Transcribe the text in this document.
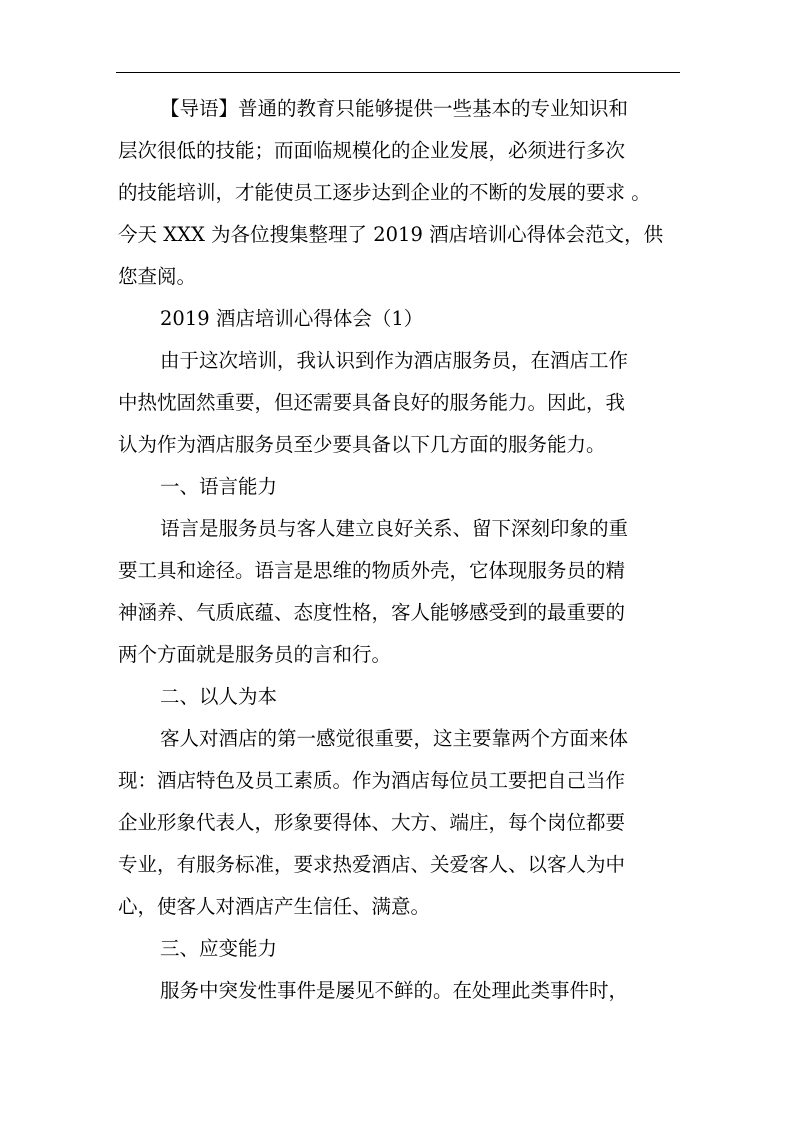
【导语】普通的教育只能够提供一些基本的专业知识和
层次很低的技能；而面临规模化的企业发展，必须进行多次
的技能培训，才能使员工逐步达到企业的不断的发展的要求 。
今天 XXX 为各位搜集整理了 2019 酒店培训心得体会范文，供
您查阅。
2019 酒店培训心得体会（1）
由于这次培训，我认识到作为酒店服务员，在酒店工作
中热忱固然重要，但还需要具备良好的服务能力。因此，我
认为作为酒店服务员至少要具备以下几方面的服务能力。
一、语言能力
语言是服务员与客人建立良好关系、留下深刻印象的重
要工具和途径。语言是思维的物质外壳，它体现服务员的精
神涵养、气质底蕴、态度性格，客人能够感受到的最重要的
两个方面就是服务员的言和行。
二、以人为本
客人对酒店的第一感觉很重要，这主要靠两个方面来体
现：酒店特色及员工素质。作为酒店每位员工要把自己当作
企业形象代表人，形象要得体、大方、端庄，每个岗位都要
专业，有服务标准，要求热爱酒店、关爱客人、以客人为中
心，使客人对酒店产生信任、满意。
三、应变能力
服务中突发性事件是屡见不鲜的。在处理此类事件时，
